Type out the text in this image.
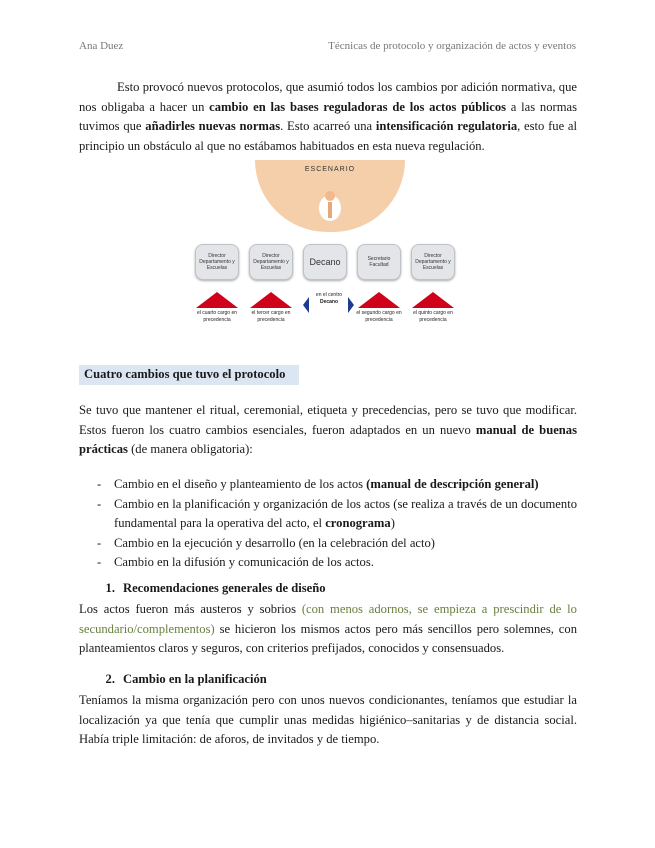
Ana Duez	Técnicas de protocolo y organización de actos y eventos

Esto provocó nuevos protocolos, que asumió todos los cambios por adición normativa, que nos obligaba a hacer un cambio en las bases reguladoras de los actos públicos a las normas tuvimos que añadirles nuevas normas. Esto acarreó una intensificación regulatoria, esto fue al principio un obstáculo al que no estábamos habituados en esta nueva regulación.

ESCENARIO
Director Departamento y Escuelas
Director Departamento y Escuelas
Decano	Secretario Facultad
Director Departamento y Escuelas
el cuarto cargo en precedencia
el tercer cargo en precedencia
el segundo cargo en precedencia
el quinto cargo en precedencia
en el centro
Decano
Cuatro cambios que tuvo el protocolo

Se tuvo que mantener el ritual, ceremonial, etiqueta y precedencias, pero se tuvo que modificar. Estos fueron los cuatro cambios esenciales, fueron adaptados en un nuevo manual de buenas prácticas (de manera obligatoria):

- Cambio en el diseño y planteamiento de los actos (manual de descripción general)
- Cambio en la planificación y organización de los actos (se realiza a través de un documento fundamental para la operativa del acto, el cronograma)
- Cambio en la ejecución y desarrollo (en la celebración del acto)
- Cambio en la difusión y comunicación de los actos.
1. Recomendaciones generales de diseño

Los actos fueron más austeros y sobrios (con menos adornos, se empieza a prescindir de lo secundario/complementos) se hicieron los mismos actos pero más sencillos pero solemnes, con planteamientos claros y seguros, con criterios prefijados, conocidos y consensuados.

2. Cambio en la planificación

Teníamos la misma organización pero con unos nuevos condicionantes, teníamos que estudiar la localización ya que tenía que cumplir unas medidas higiénico–sanitarias y de distancia social. Había triple limitación: de aforos, de invitados y de tiempo.
